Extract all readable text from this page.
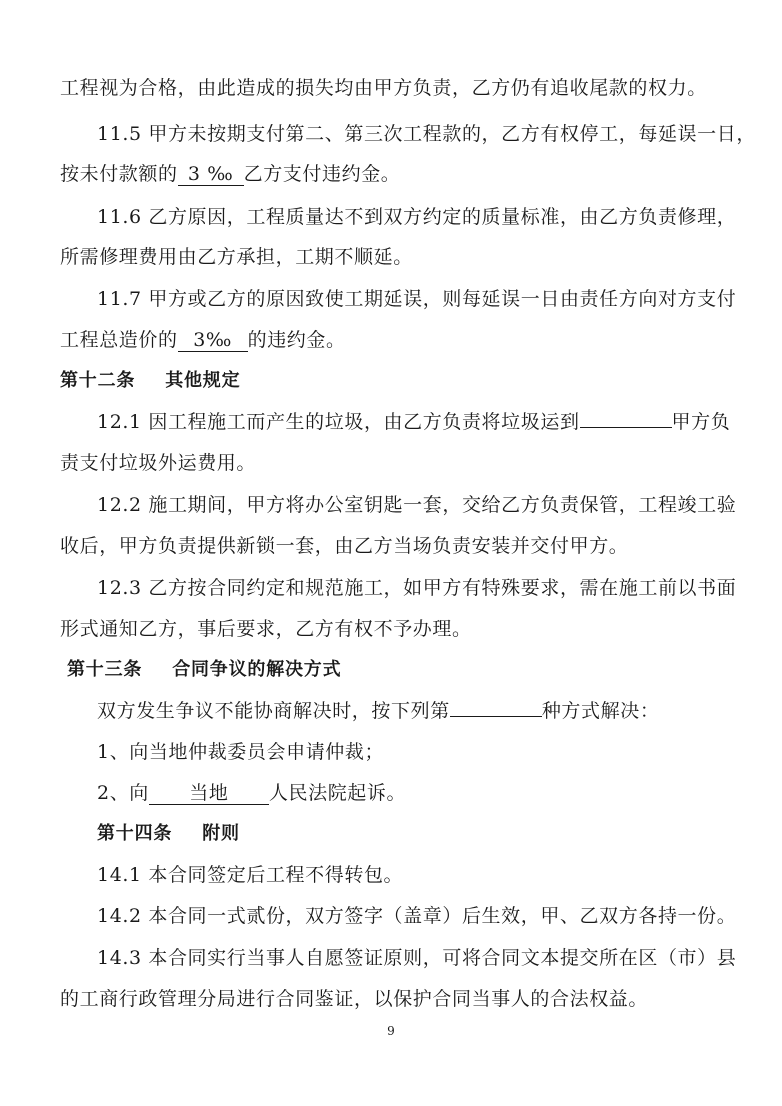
工程视为合格，由此造成的损失均由甲方负责，乙方仍有追收尾款的权力。
11.5 甲方未按期支付第二、第三次工程款的，乙方有权停工，每延误一日，
按未付款额的 3 ‰ 乙方支付违约金。
11.6 乙方原因，工程质量达不到双方约定的质量标准，由乙方负责修理，
所需修理费用由乙方承担，工期不顺延。
11.7 甲方或乙方的原因致使工期延误，则每延误一日由责任方向对方支付
工程总造价的 3‰ 的违约金。
第十二条 其他规定
12.1 因工程施工而产生的垃圾，由乙方负责将垃圾运到	甲方负
责支付垃圾外运费用。
12.2 施工期间，甲方将办公室钥匙一套，交给乙方负责保管，工程竣工验
收后，甲方负责提供新锁一套，由乙方当场负责安装并交付甲方。
12.3 乙方按合同约定和规范施工，如甲方有特殊要求，需在施工前以书面
形式通知乙方，事后要求，乙方有权不予办理。
第十三条 合同争议的解决方式
双方发生争议不能协商解决时，按下列第	种方式解决：
1、向当地仲裁委员会申请仲裁；
2、向 当地 人民法院起诉。
第十四条 附则
14.1 本合同签定后工程不得转包。
14.2 本合同一式贰份，双方签字（盖章）后生效，甲、乙双方各持一份。
14.3 本合同实行当事人自愿签证原则，可将合同文本提交所在区（市）县
的工商行政管理分局进行合同鉴证，以保护合同当事人的合法权益。
9
